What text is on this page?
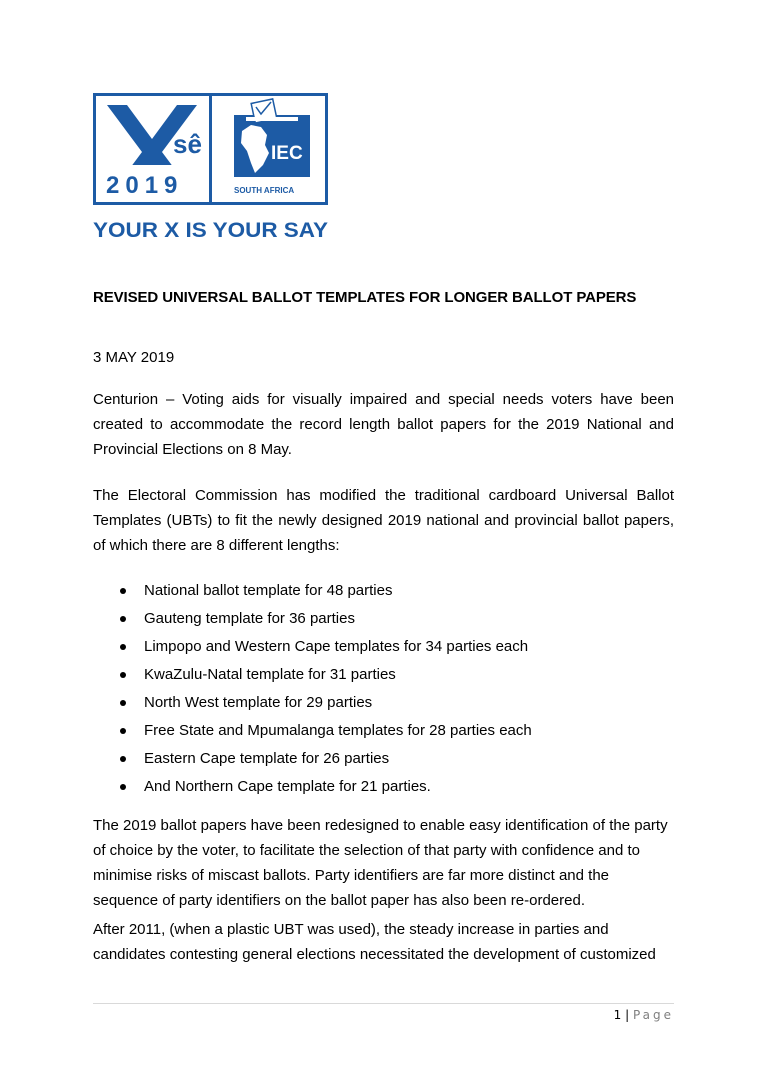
sê
2019
IEC
SOUTH AFRICA
YOUR X IS YOUR SAY
REVISED UNIVERSAL BALLOT TEMPLATES FOR LONGER BALLOT PAPERS
3 MAY 2019
Centurion – Voting aids for visually impaired and special needs voters have been created to accommodate the record length ballot papers for the 2019 National and Provincial Elections on 8 May.
The Electoral Commission has modified the traditional cardboard Universal Ballot Templates (UBTs) to fit the newly designed 2019 national and provincial ballot papers, of which there are 8 different lengths:
National ballot template for 48 parties
Gauteng template for 36 parties
Limpopo and Western Cape templates for 34 parties each
KwaZulu-Natal template for 31 parties
North West template for 29 parties
Free State and Mpumalanga templates for 28 parties each
Eastern Cape template for 26 parties
And Northern Cape template for 21 parties.
The 2019 ballot papers have been redesigned to enable easy identification of the party of choice by the voter, to facilitate the selection of that party with confidence and to minimise risks of miscast ballots. Party identifiers are far more distinct and the sequence of party identifiers on the ballot paper has also been re-ordered.
After 2011, (when a plastic UBT was used), the steady increase in parties and candidates contesting general elections necessitated the development of customized
1 | Page
